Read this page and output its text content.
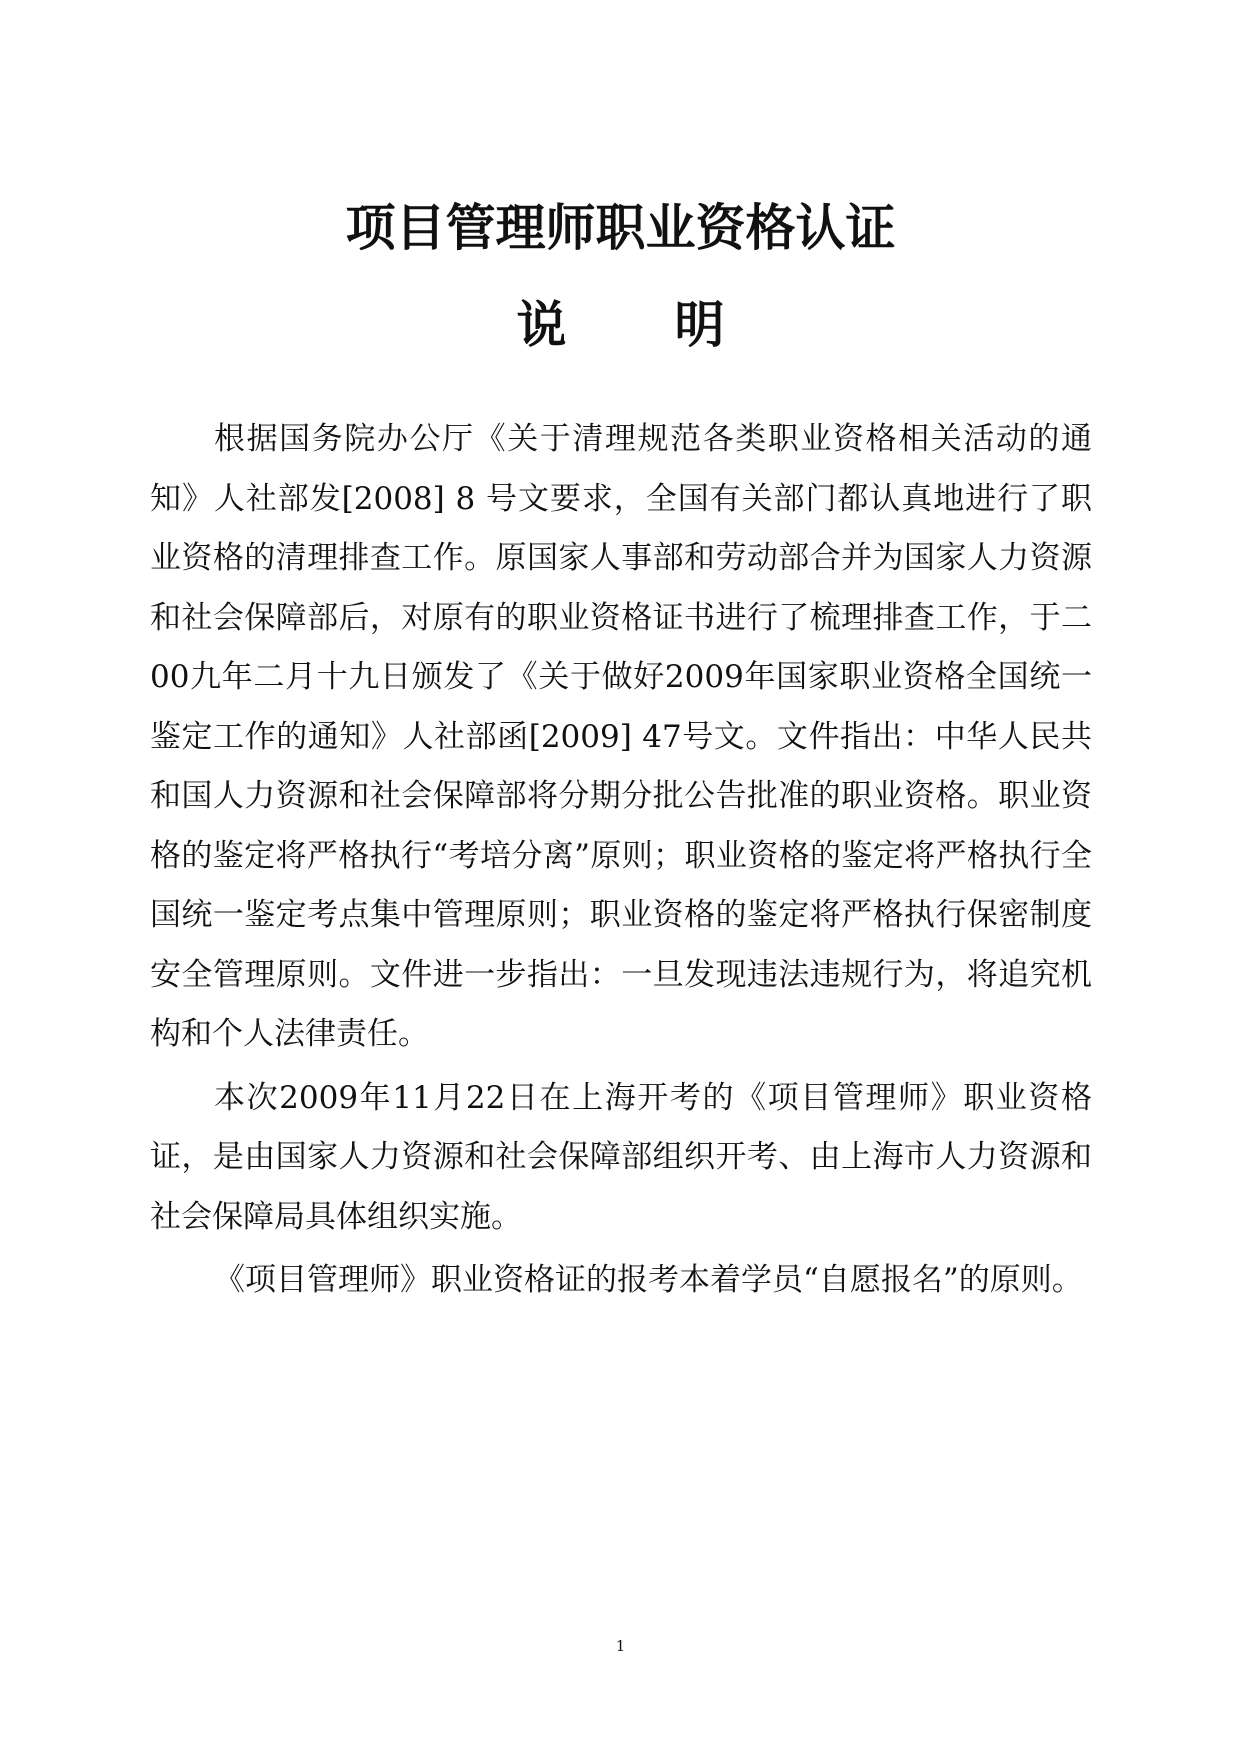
项目管理师职业资格认证
说 明

根据国务院办公厅《关于清理规范各类职业资格相关活动的通知》人社部发[2008] 8 号文要求，全国有关部门都认真地进行了职业资格的清理排查工作。原国家人事部和劳动部合并为国家人力资源和社会保障部后，对原有的职业资格证书进行了梳理排查工作，于二00九年二月十九日颁发了《关于做好2009年国家职业资格全国统一鉴定工作的通知》人社部函[2009] 47号文。文件指出：中华人民共和国人力资源和社会保障部将分期分批公告批准的职业资格。职业资格的鉴定将严格执行“考培分离”原则；职业资格的鉴定将严格执行全国统一鉴定考点集中管理原则；职业资格的鉴定将严格执行保密制度安全管理原则。文件进一步指出：一旦发现违法违规行为，将追究机构和个人法律责任。

本次2009年11月22日在上海开考的《项目管理师》职业资格证，是由国家人力资源和社会保障部组织开考、由上海市人力资源和社会保障局具体组织实施。

《项目管理师》职业资格证的报考本着学员“自愿报名”的原则。

1
